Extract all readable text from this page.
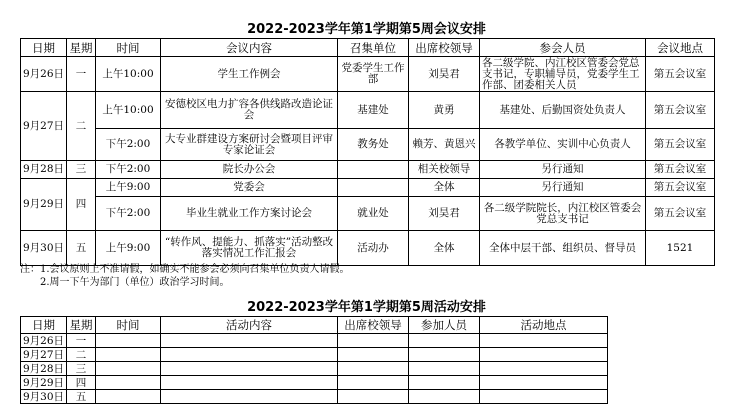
2022-2023学年第1学期第5周会议安排
日期	星期	时间	会议内容	召集单位	出席校领导	参会人员	会议地点
9月26日	一	上午10:00	学生工作例会	党委学生工作部	刘昊君	各二级学院、内江校区管委会党总支书记，专职辅导员，党委学生工作部、团委相关人员	第五会议室
9月27日	二	上午10:00	安德校区电力扩容各供线路改造论证会	基建处	黄勇	基建处、后勤国资处负责人	第五会议室
		下午2:00	大专业群建设方案研讨会暨项目评审专家论证会	教务处	赖芳、黄恩兴	各教学单位、实训中心负责人	第五会议室
9月28日	三	下午2:00	院长办公会		相关校领导	另行通知	第五会议室
9月29日	四	上午9:00	党委会		全体	另行通知	第五会议室
		下午2:00	毕业生就业工作方案讨论会	就业处	刘昊君	各二级学院院长，内江校区管委会党总支书记	第五会议室
9月30日	五	上午9:00	“转作风、提能力、抓落实”活动整改落实情况工作汇报会	活动办	全体	全体中层干部、组织员、督导员	1521
注：1.会议原则上不准请假，如确实不能参会必须向召集单位负责人请假。
2.周一下午为部门（单位）政治学习时间。
2022-2023学年第1学期第5周活动安排
日期	星期	时间	活动内容	出席校领导	参加人员	活动地点
9月26日	一					
9月27日	二					
9月28日	三					
9月29日	四					
9月30日	五					
